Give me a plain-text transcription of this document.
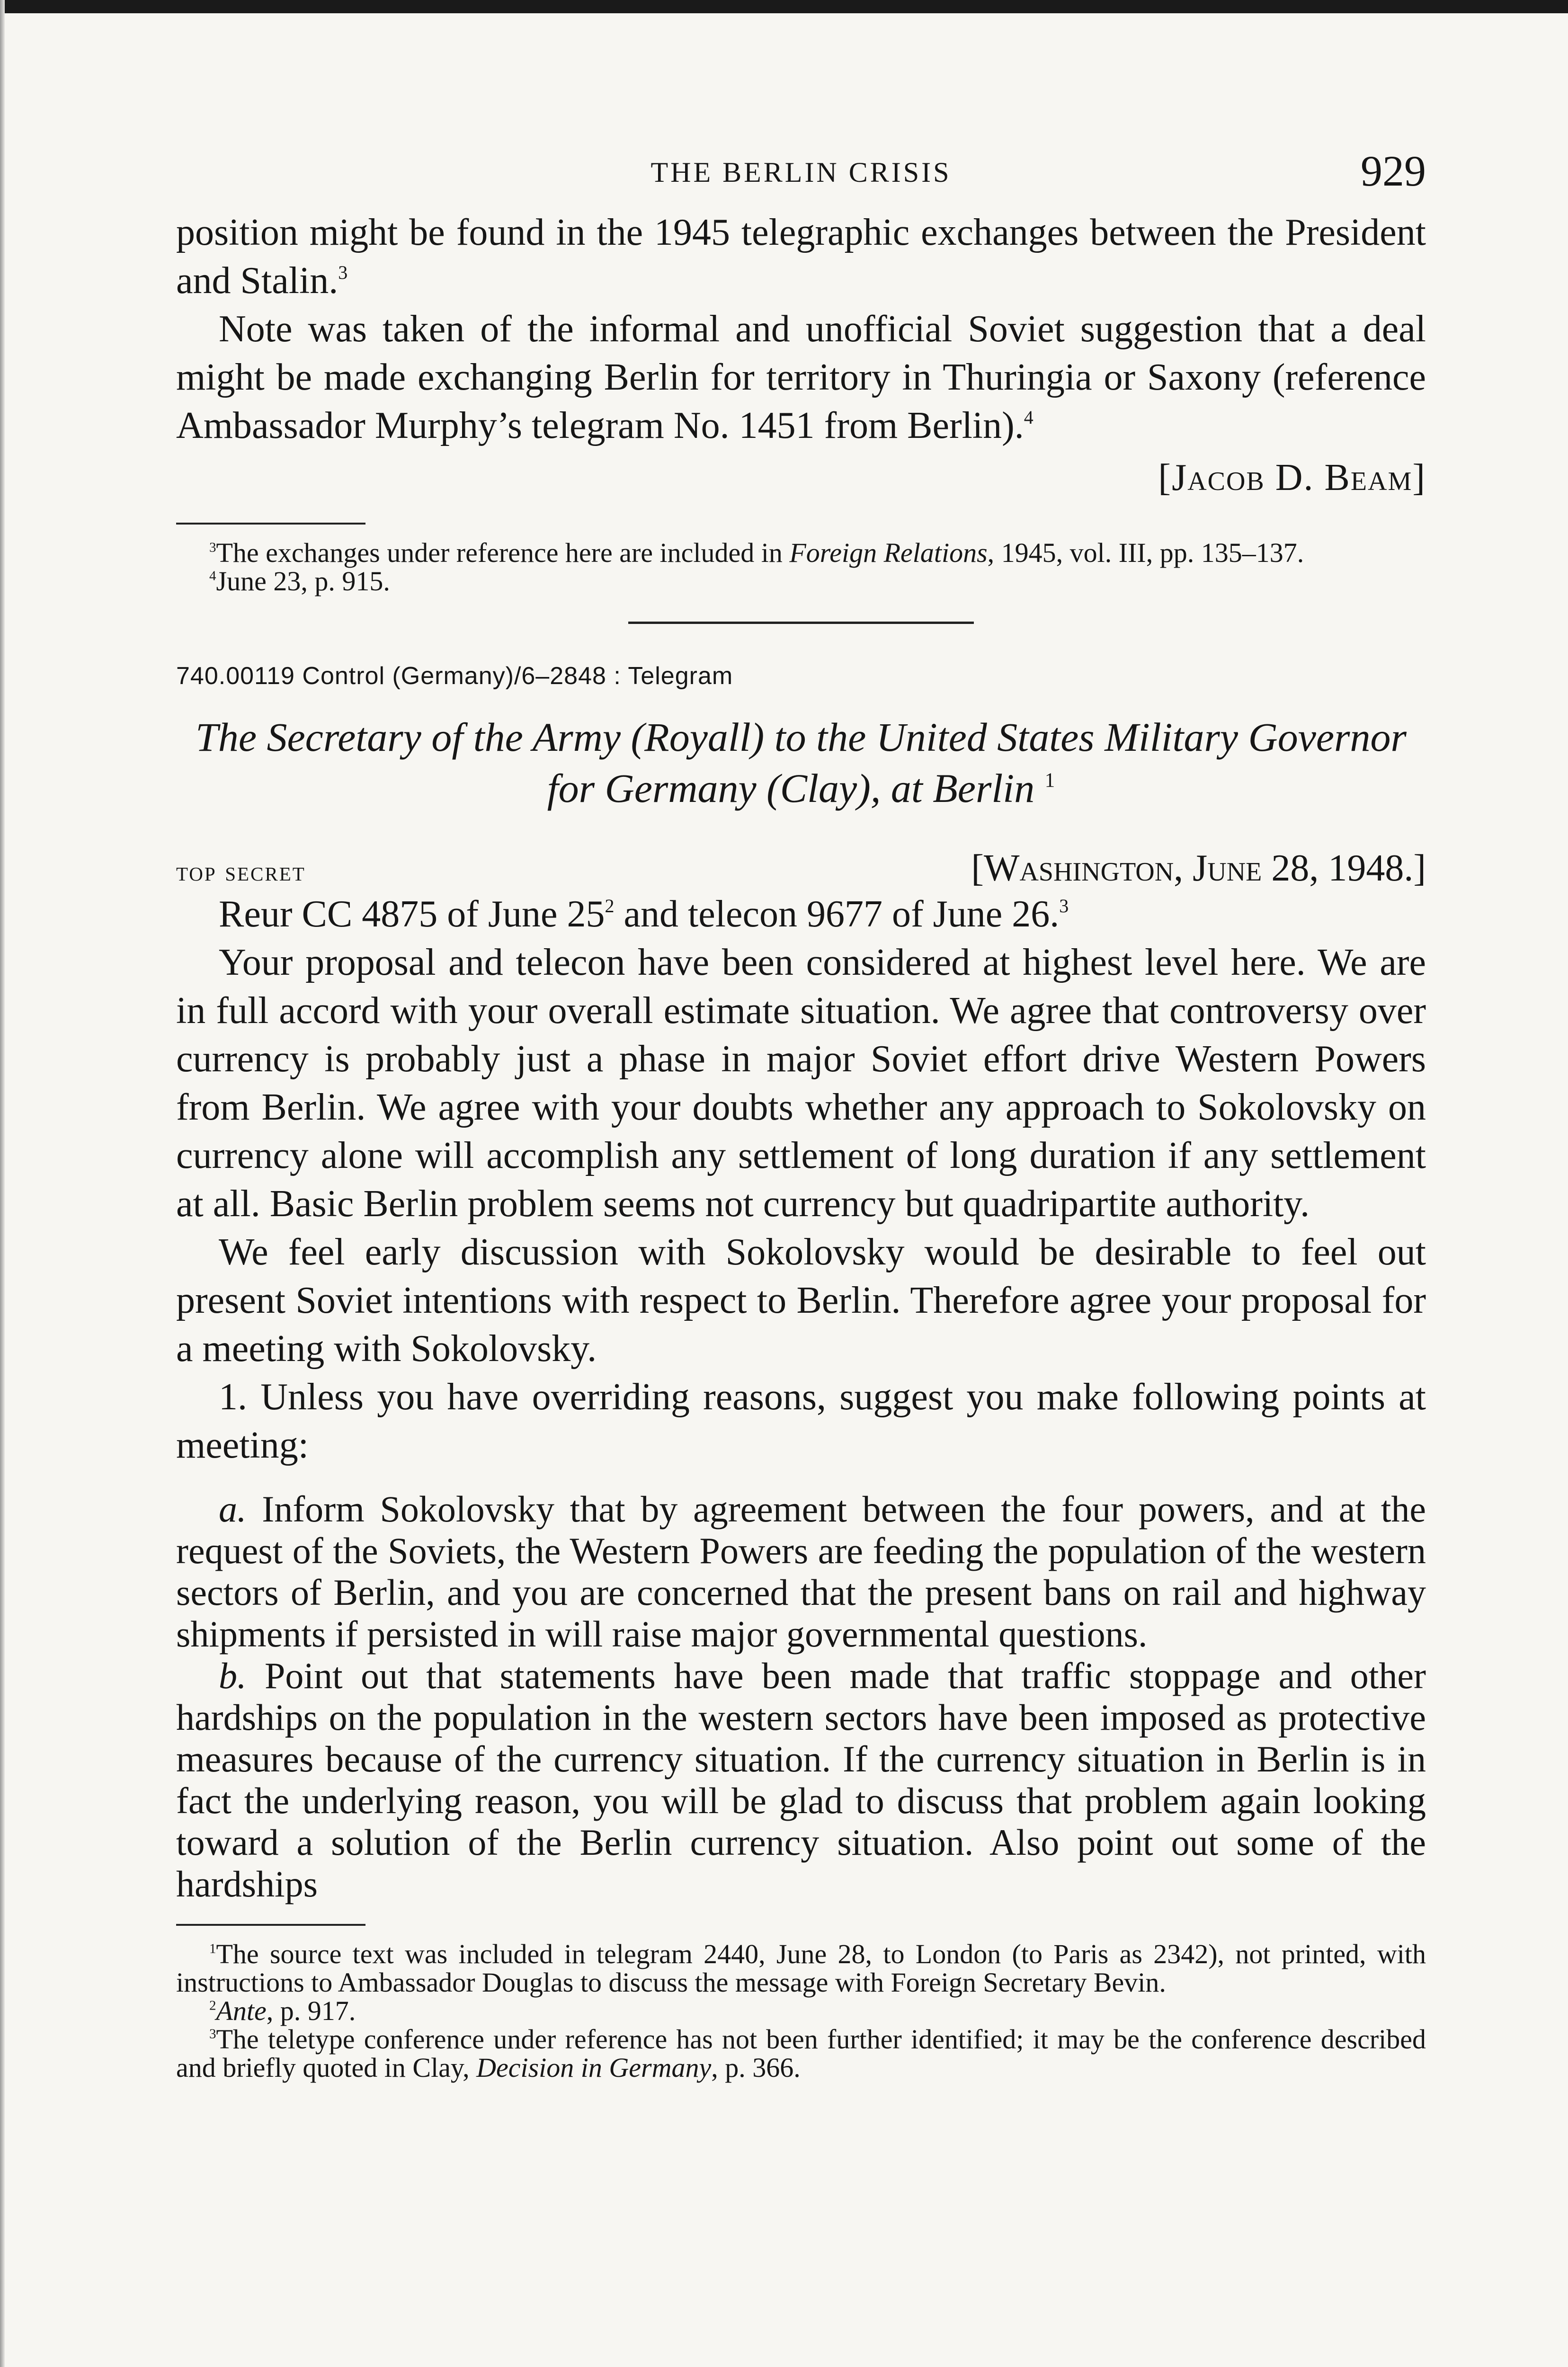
THE BERLIN CRISIS	929

position might be found in the 1945 telegraphic exchanges between the President and Stalin.$^3$

Note was taken of the informal and unofficial Soviet suggestion that a deal might be made exchanging Berlin for territory in Thuringia or Saxony (reference Ambassador Murphy’s telegram No. 1451 from Berlin).$^4$

[Jacob D. Beam]

$^3$The exchanges under reference here are included in Foreign Relations, 1945, vol. III, pp. 135–137.

$^4$June 23, p. 915.

740.00119 Control (Germany)/6–2848 : Telegram
The Secretary of the Army (Royall) to the United States Military Governor for Germany (Clay), at Berlin $^1$
top secret	[Washington, June 28, 1948.]

Reur CC 4875 of June $25^2$ and telecon 9677 of June 26.$^3$

Your proposal and telecon have been considered at highest level here. We are in full accord with your overall estimate situation. We agree that controversy over currency is probably just a phase in major Soviet effort drive Western Powers from Berlin. We agree with your doubts whether any approach to Sokolovsky on currency alone will accomplish any settlement of long duration if any settlement at all. Basic Berlin problem seems not currency but quadripartite authority.

We feel early discussion with Sokolovsky would be desirable to feel out present Soviet intentions with respect to Berlin. Therefore agree your proposal for a meeting with Sokolovsky.

1. Unless you have overriding reasons, suggest you make following points at meeting:

a. Inform Sokolovsky that by agreement between the four powers, and at the request of the Soviets, the Western Powers are feeding the population of the western sectors of Berlin, and you are concerned that the present bans on rail and highway shipments if persisted in will raise major governmental questions.

b. Point out that statements have been made that traffic stoppage and other hardships on the population in the western sectors have been imposed as protective measures because of the currency situation. If the currency situation in Berlin is in fact the underlying reason, you will be glad to discuss that problem again looking toward a solution of the Berlin currency situation. Also point out some of the hardships

$^1$The source text was included in telegram 2440, June 28, to London (to Paris as 2342), not printed, with instructions to Ambassador Douglas to discuss the message with Foreign Secretary Bevin.

$^2$Ante, p. 917.

$^3$The teletype conference under reference has not been further identified; it may be the conference described and briefly quoted in Clay, Decision in Germany, p. 366.
